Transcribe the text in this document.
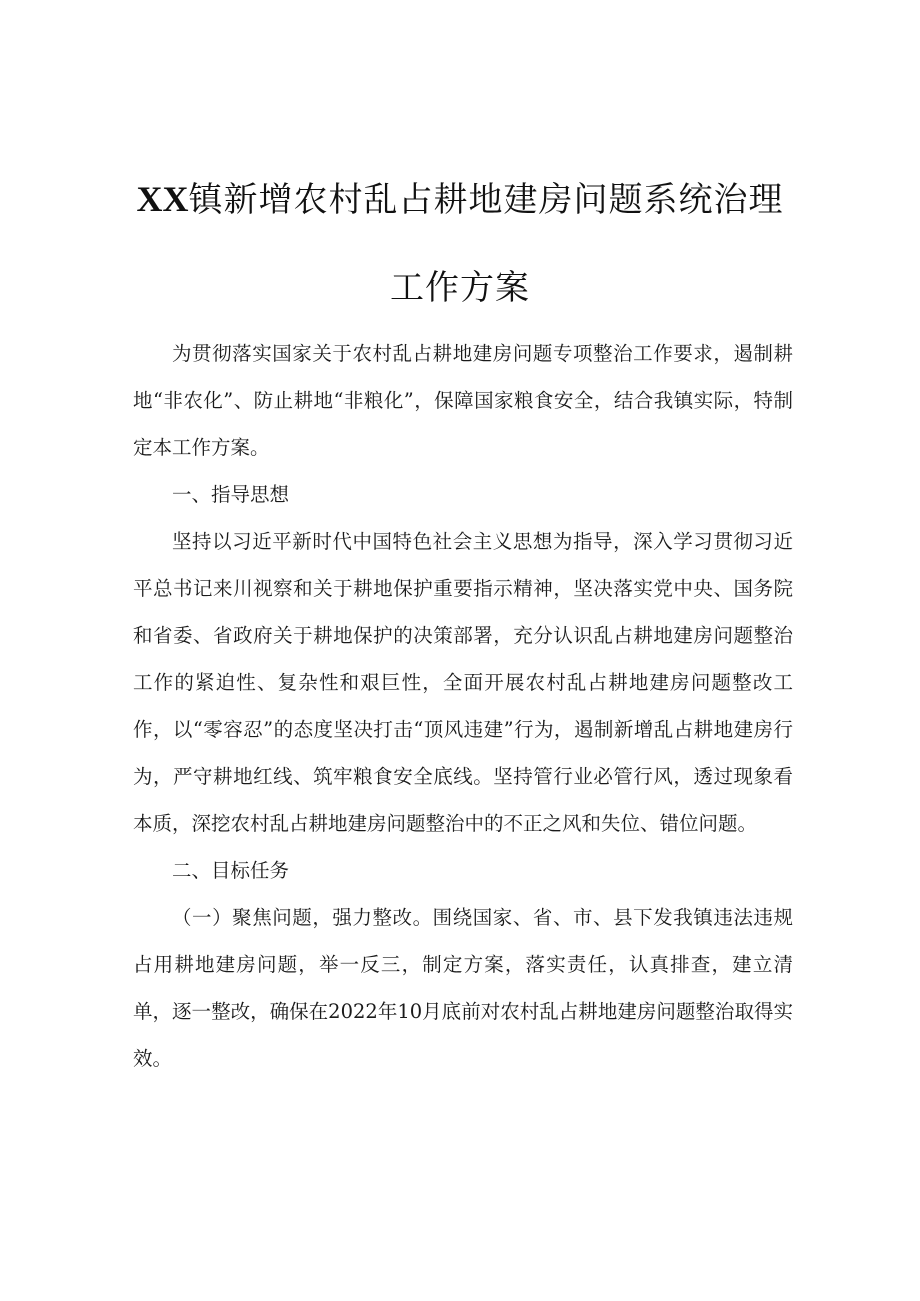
XX镇新增农村乱占耕地建房问题系统治理
工作方案

为贯彻落实国家关于农村乱占耕地建房问题专项整治工作要求，遏制耕地“非农化”、防止耕地“非粮化”，保障国家粮食安全，结合我镇实际，特制定本工作方案。

一、指导思想

坚持以习近平新时代中国特色社会主义思想为指导，深入学习贯彻习近平总书记来川视察和关于耕地保护重要指示精神，坚决落实党中央、国务院和省委、省政府关于耕地保护的决策部署，充分认识乱占耕地建房问题整治工作的紧迫性、复杂性和艰巨性，全面开展农村乱占耕地建房问题整改工作，以“零容忍”的态度坚决打击“顶风违建”行为，遏制新增乱占耕地建房行为，严守耕地红线、筑牢粮食安全底线。坚持管行业必管行风，透过现象看本质，深挖农村乱占耕地建房问题整治中的不正之风和失位、错位问题。

二、目标任务

（一）聚焦问题，强力整改。围绕国家、省、市、县下发我镇违法违规占用耕地建房问题，举一反三，制定方案，落实责任，认真排查，建立清单，逐一整改，确保在2022年10月底前对农村乱占耕地建房问题整治取得实效。
